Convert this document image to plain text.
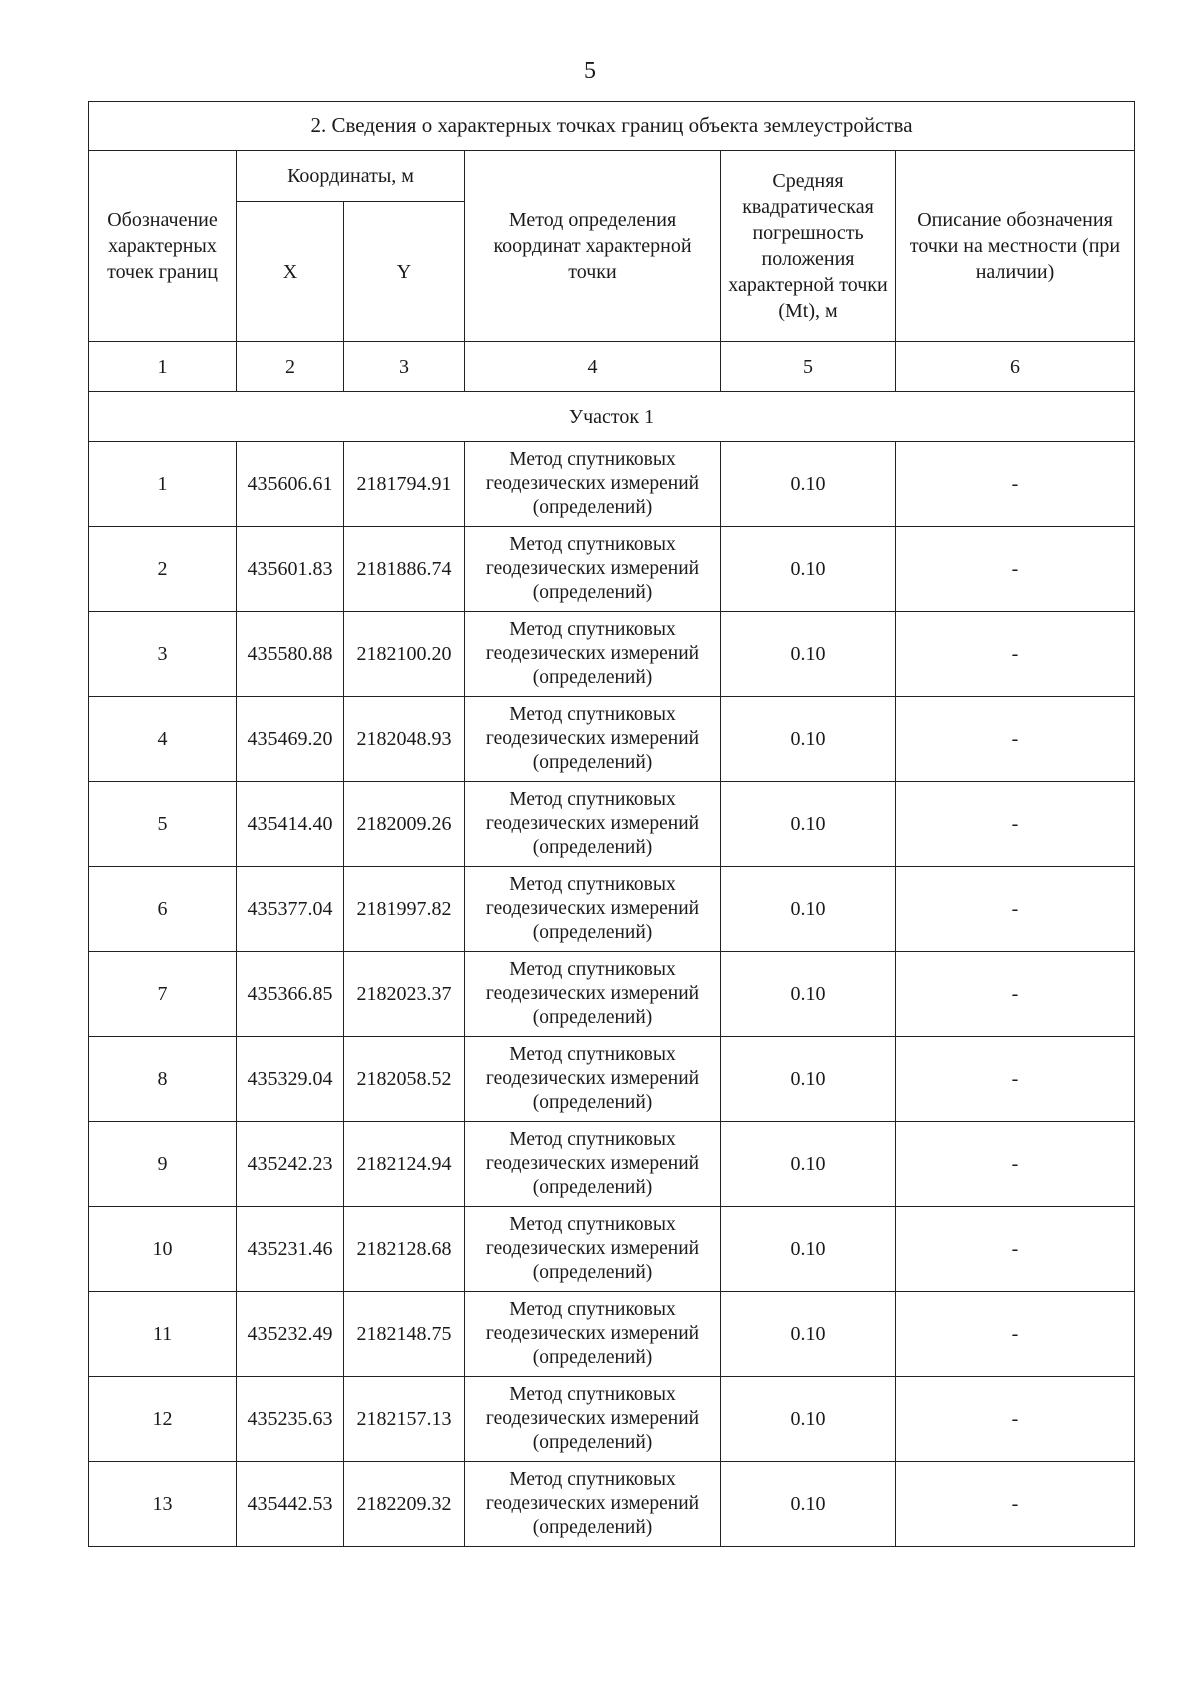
5
2. Сведения о характерных точках границ объекта землеустройства					
Обозначение характерных точек границ	Координаты, м		Метод определения координат характерной точки	Средняя квадратическая погрешность положения характерной точки (Mt), м	Описание обозначения точки на местности (при наличии)
	X	Y			
1	2	3	4	5	6
Участок 1					
1	435606.61	2181794.91	Метод спутниковых геодезических измерений (определений)	0.10	-
2	435601.83	2181886.74	Метод спутниковых геодезических измерений (определений)	0.10	-
3	435580.88	2182100.20	Метод спутниковых геодезических измерений (определений)	0.10	-
4	435469.20	2182048.93	Метод спутниковых геодезических измерений (определений)	0.10	-
5	435414.40	2182009.26	Метод спутниковых геодезических измерений (определений)	0.10	-
6	435377.04	2181997.82	Метод спутниковых геодезических измерений (определений)	0.10	-
7	435366.85	2182023.37	Метод спутниковых геодезических измерений (определений)	0.10	-
8	435329.04	2182058.52	Метод спутниковых геодезических измерений (определений)	0.10	-
9	435242.23	2182124.94	Метод спутниковых геодезических измерений (определений)	0.10	-
10	435231.46	2182128.68	Метод спутниковых геодезических измерений (определений)	0.10	-
11	435232.49	2182148.75	Метод спутниковых геодезических измерений (определений)	0.10	-
12	435235.63	2182157.13	Метод спутниковых геодезических измерений (определений)	0.10	-
13	435442.53	2182209.32	Метод спутниковых геодезических измерений (определений)	0.10	-
